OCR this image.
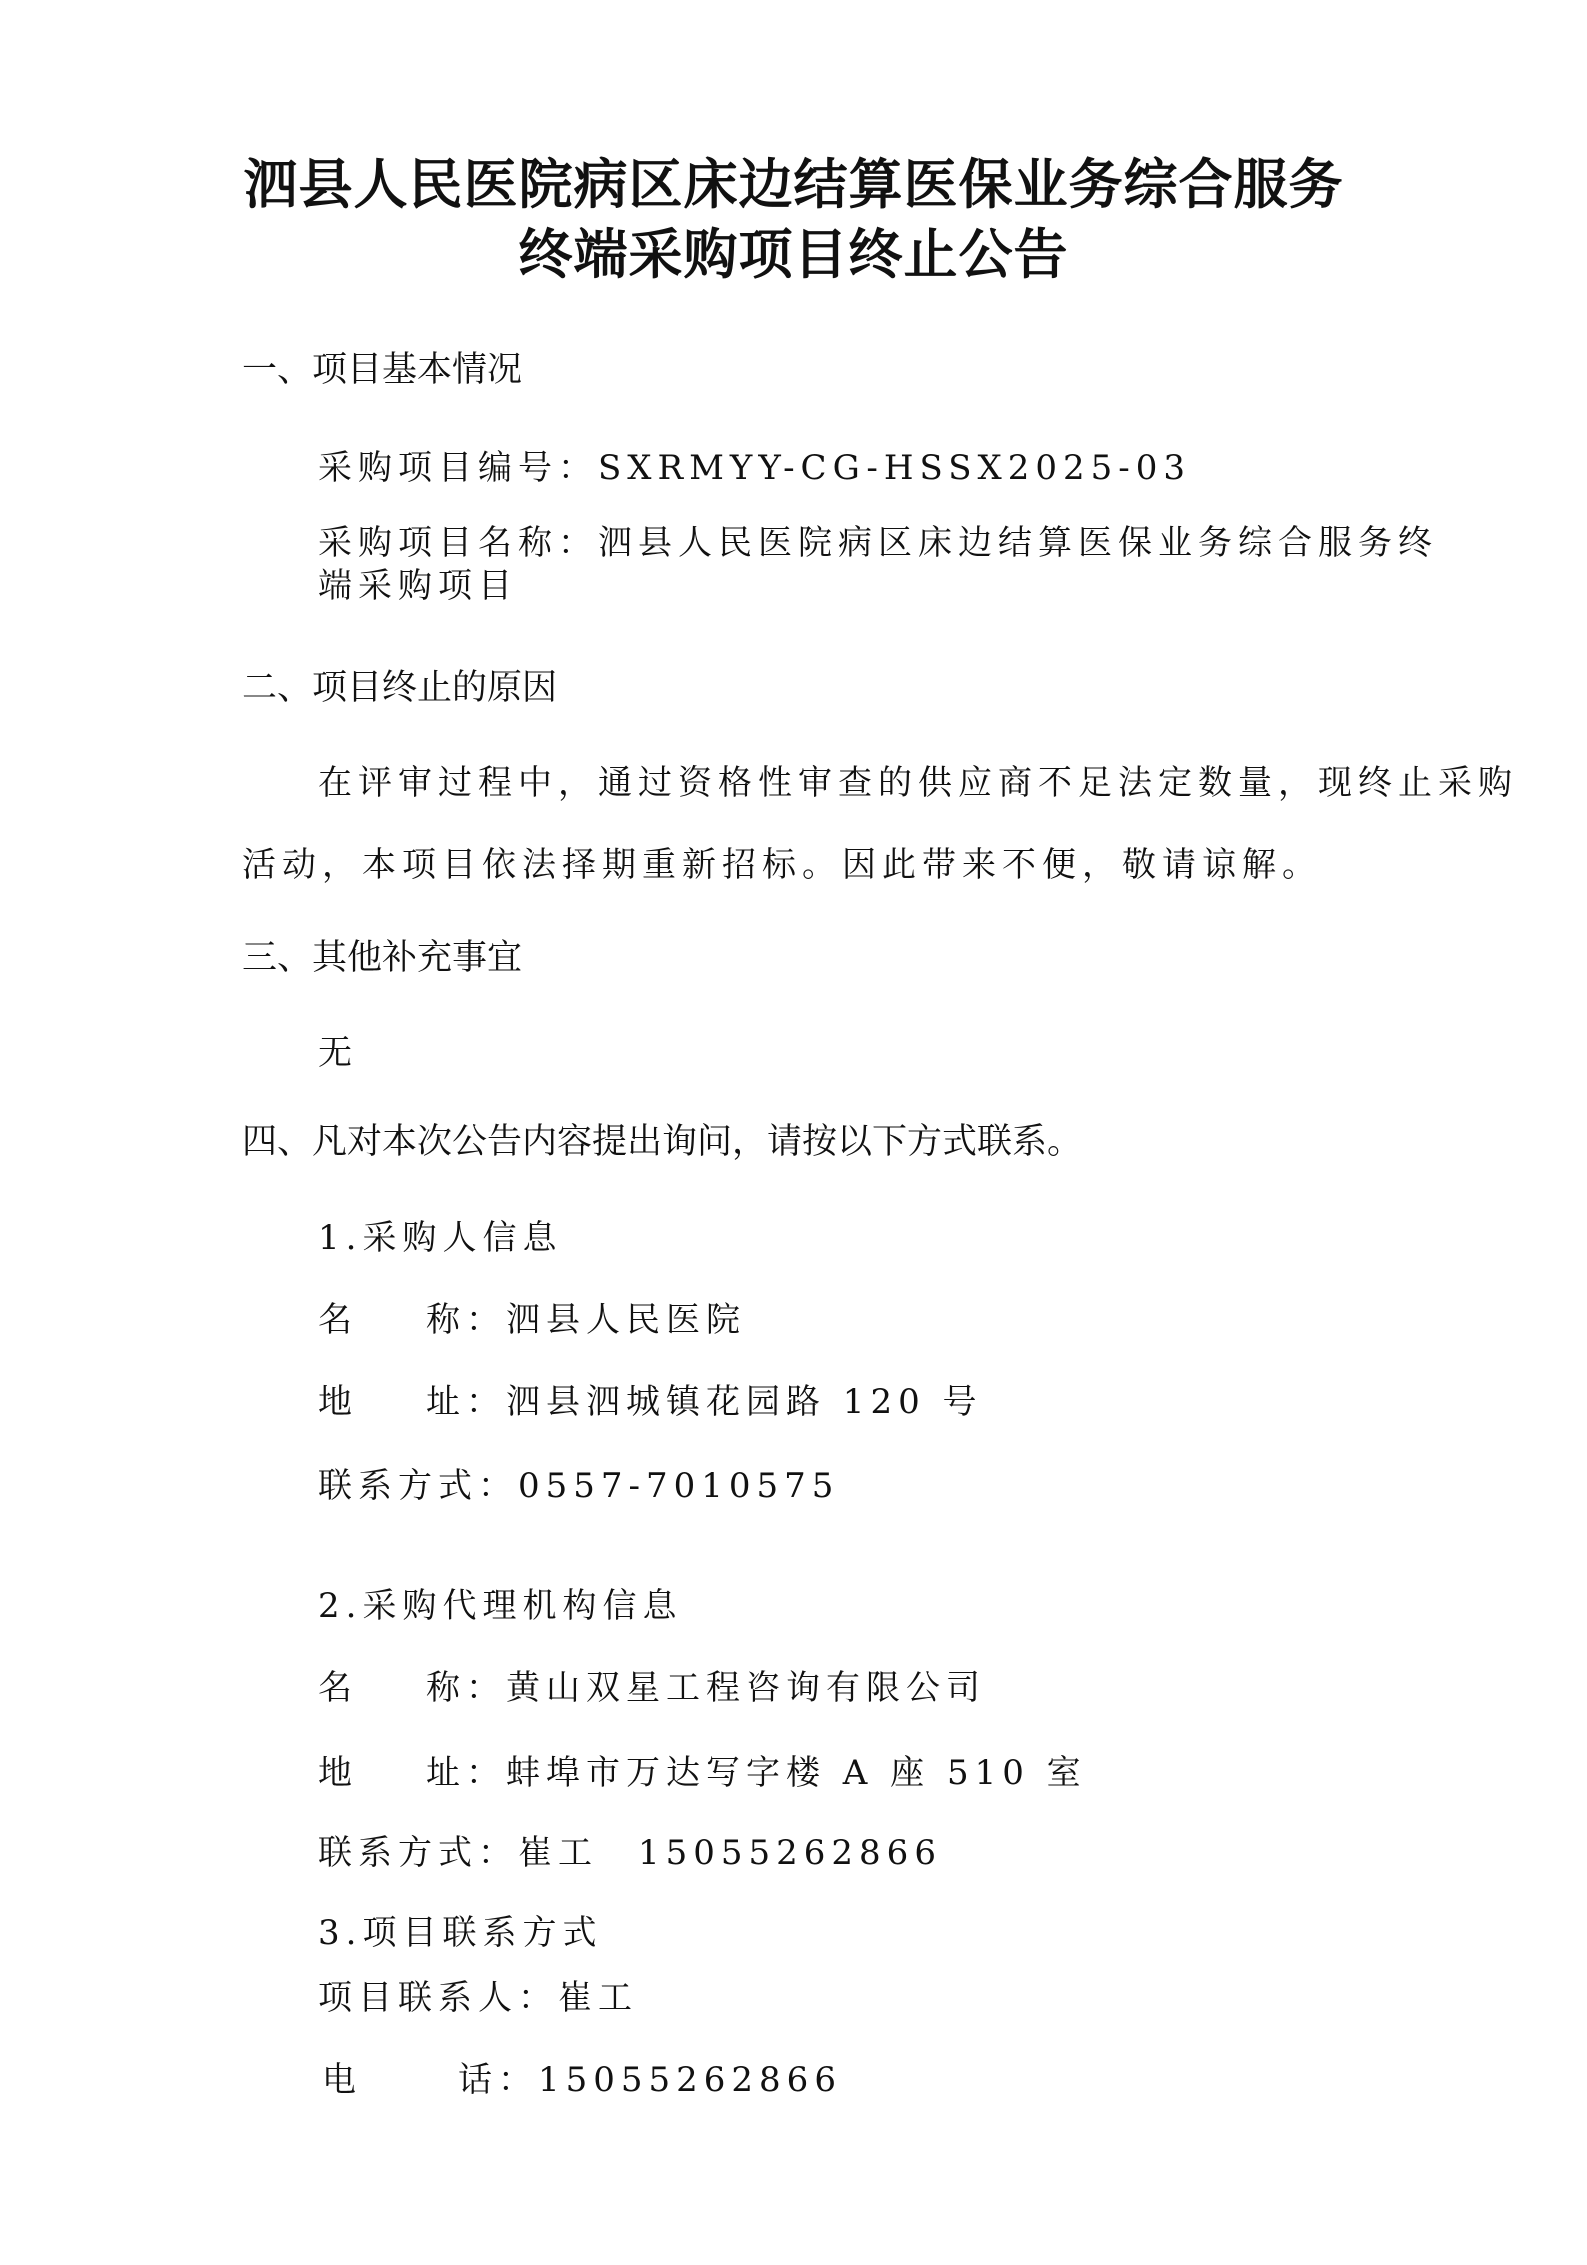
泗县人民医院病区床边结算医保业务综合服务
终端采购项目终止公告
一、项目基本情况
采购项目编号：SXRMYY-CG-HSSX2025-03
采购项目名称：泗县人民医院病区床边结算医保业务综合服务终端采购项目
二、项目终止的原因
在评审过程中，通过资格性审查的供应商不足法定数量，现终止采购
活动，本项目依法择期重新招标。因此带来不便，敬请谅解。
三、其他补充事宜
无
四、凡对本次公告内容提出询问，请按以下方式联系。
1.采购人信息
名 称：泗县人民医院
地 址：泗县泗城镇花园路 120 号
联系方式：0557-7010575
2.采购代理机构信息
名 称：黄山双星工程咨询有限公司
地 址：蚌埠市万达写字楼 A 座 510 室
联系方式：崔工　15055262866
3.项目联系方式
项目联系人：崔工
电	话：15055262866
